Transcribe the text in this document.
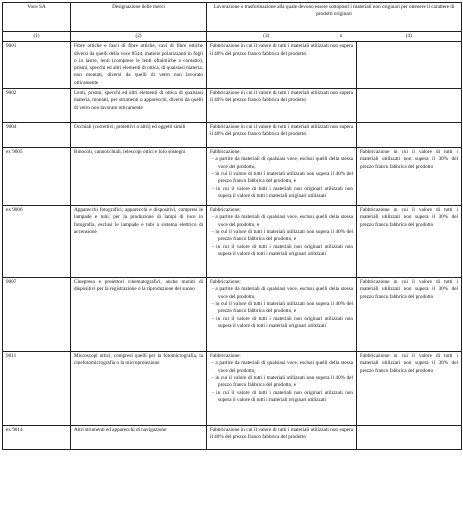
Voce SA	Designazione delle merci	Lavorazione o trasformazione alla quale devono essere sottoposti i materiali non originari per ottenere il carattere di prodotti originari		
(1)	(2)	(3)	o	(4)
9001	Fibre ottiche e fasci di fibre ottiche, cavi di fibre ottiche diversi da quelli della voce 8544, materie polarizzanti in fogli o in lastre, lenti (comprese le lenti oftalmiche a contatto), prismi, specchi ed altri elementi di ottica, di qualsiasi materia, non montati, diversi da quelli di vetro non lavorato otticamente	Fabbricazione in cui il valore di tutti i materiali utilizzati non supera il 40% del prezzo franco fabbrica del prodotto		

9002	Lenti, prismi, specchi ed altri elementi di ottica di qualsiasi materia, montati, per strumenti o apparecchi, diversi da quelli di vetro non lavorato otticamente	Fabbricazione in cui il valore di tutti i materiali utilizzati non supera il 40% del prezzo franco fabbrica del prodotto		

9004	Occhiali (correttivi, protettivi o altri) ed oggetti simili	Fabbricazione in cui il valore di tutti i materiali utilizzati non supera il 40% del prezzo franco fabbrica del prodotto		

ex 9005	Binocoli, cannocchiali, telescopi ottici e loro sostegni	Fabbricazione:
- a partire da materiali di qualsiasi voce, esclusi quelli della stessa voce del prodotto,
- in cui il valore di tutti i materiali utilizzati non supera il 40% del prezzo franco fabbrica del prodotto, e
- in cui il valore di tutti i materiali non originari utilizzati non supera il valore di tutti i materiali originari utilizzati		Fabbricazione in cui il valore di tutti i materiali utilizzati non supera il 30% del prezzo franco fabbrica del prodotto
ex 9006	Apparecchi fotografici; apparecchi e dispositivi, compresi le lampade e tubi, per la produzione di lampi di luce in fotografia, esclusi le lampade e tubi a sistema elettrico di accensione	Fabbricazione:
- a partire da materiali di qualsiasi voce, esclusi quelli della stessa voce del prodotto, e
- in cui il valore di tutti i materiali utilizzati non supera il 40% del prezzo franco fabbrica del prodotto, e
- in cui il valore di tutti i materiali non originari utilizzati non supera il valore di tutti i materiali originari utilizzati		Fabbricazione in cui il valore di tutti i materiali utilizzati non supera il 30% del prezzo franco fabbrica del prodotto
9007	Cinepresa e proiettori cinematografici, anche muniti di dispositivi per la registrazione o la riproduzione del suono	Fabbricazione:
- a partire da materiali di qualsiasi voce, esclusi quelli della stessa voce del prodotto,
- in cui il valore di tutti i materiali utilizzati non supera il 40% del prezzo franco fabbrica del prodotto, e
- in cui il valore di tutti i materiali non originari utilizzati non supera il valore di tutti i materiali originari utilizzati		Fabbricazione in cui il valore di tutti i materiali utilizzati non supera il 30% del prezzo franco fabbrica del prodotto
9011	Microscopi ottici, compresi quelli per la fotomicrografia, la cinefotomicrografia o la microproiezione	Fabbricazione:
- a partire da materiali di qualsiasi voce, esclusi quelli della stessa voce del prodotto,
- in cui il valore di tutti i materiali utilizzati non supera il 40% del prezzo franco fabbrica del prodotto, e
- in cui il valore di tutti i materiali non originari utilizzati non supera il valore di tutti i materiali originari utilizzati		Fabbricazione in cui il valore di tutti i materiali utilizzati non supera il 30% del prezzo franco fabbrica del prodotto
ex 9014	Altri strumenti ed apparecchi di navigazione	Fabbricazione in cui il valore di tutti i materiali utilizzati non supera il 40% del prezzo franco fabbrica del prodotto		
